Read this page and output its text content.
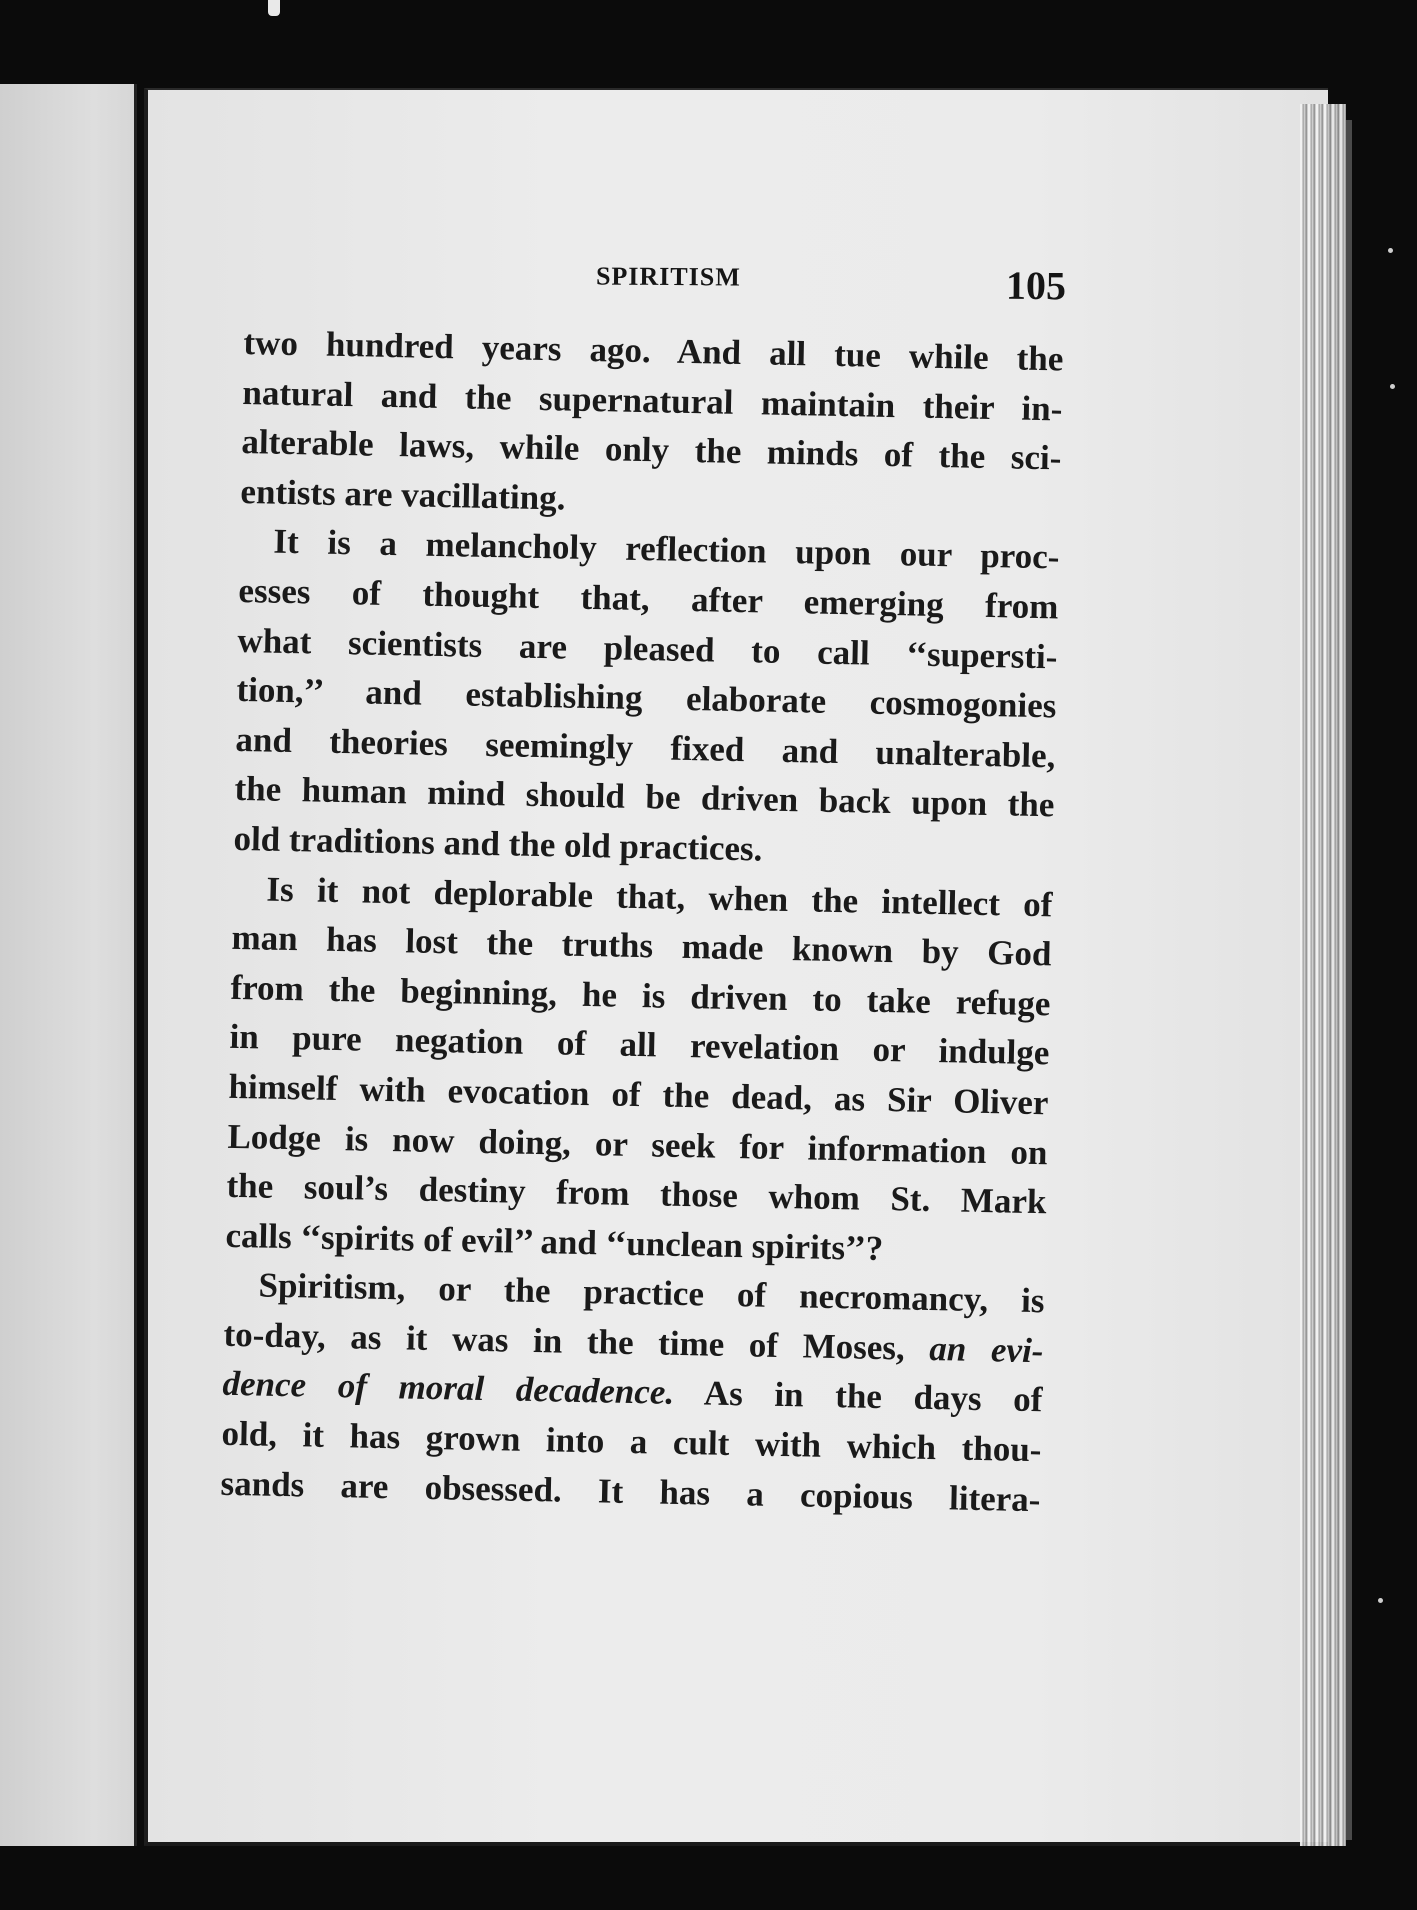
SPIRITISM	105
two hundred years ago. And all tue while the
natural and the supernatural maintain their in-
alterable laws, while only the minds of the sci-
entists are vacillating.
It is a melancholy reflection upon our proc-
esses of thought that, after emerging from
what scientists are pleased to call ‘‘supersti-
tion,’’ and establishing elaborate cosmogonies
and theories seemingly fixed and unalterable,
the human mind should be driven back upon the
old traditions and the old practices.
Is it not deplorable that, when the intellect of
man has lost the truths made known by God
from the beginning, he is driven to take refuge
in pure negation of all revelation or indulge
himself with evocation of the dead, as Sir Oliver
Lodge is now doing, or seek for information on
the soul’s destiny from those whom St. Mark
calls ‘‘spirits of evil’’ and ‘‘unclean spirits’’?
Spiritism, or the practice of necromancy, is
to-day, as it was in the time of Moses, an evi-
dence of moral decadence. As in the days of
old, it has grown into a cult with which thou-
sands are obsessed. It has a copious litera-
